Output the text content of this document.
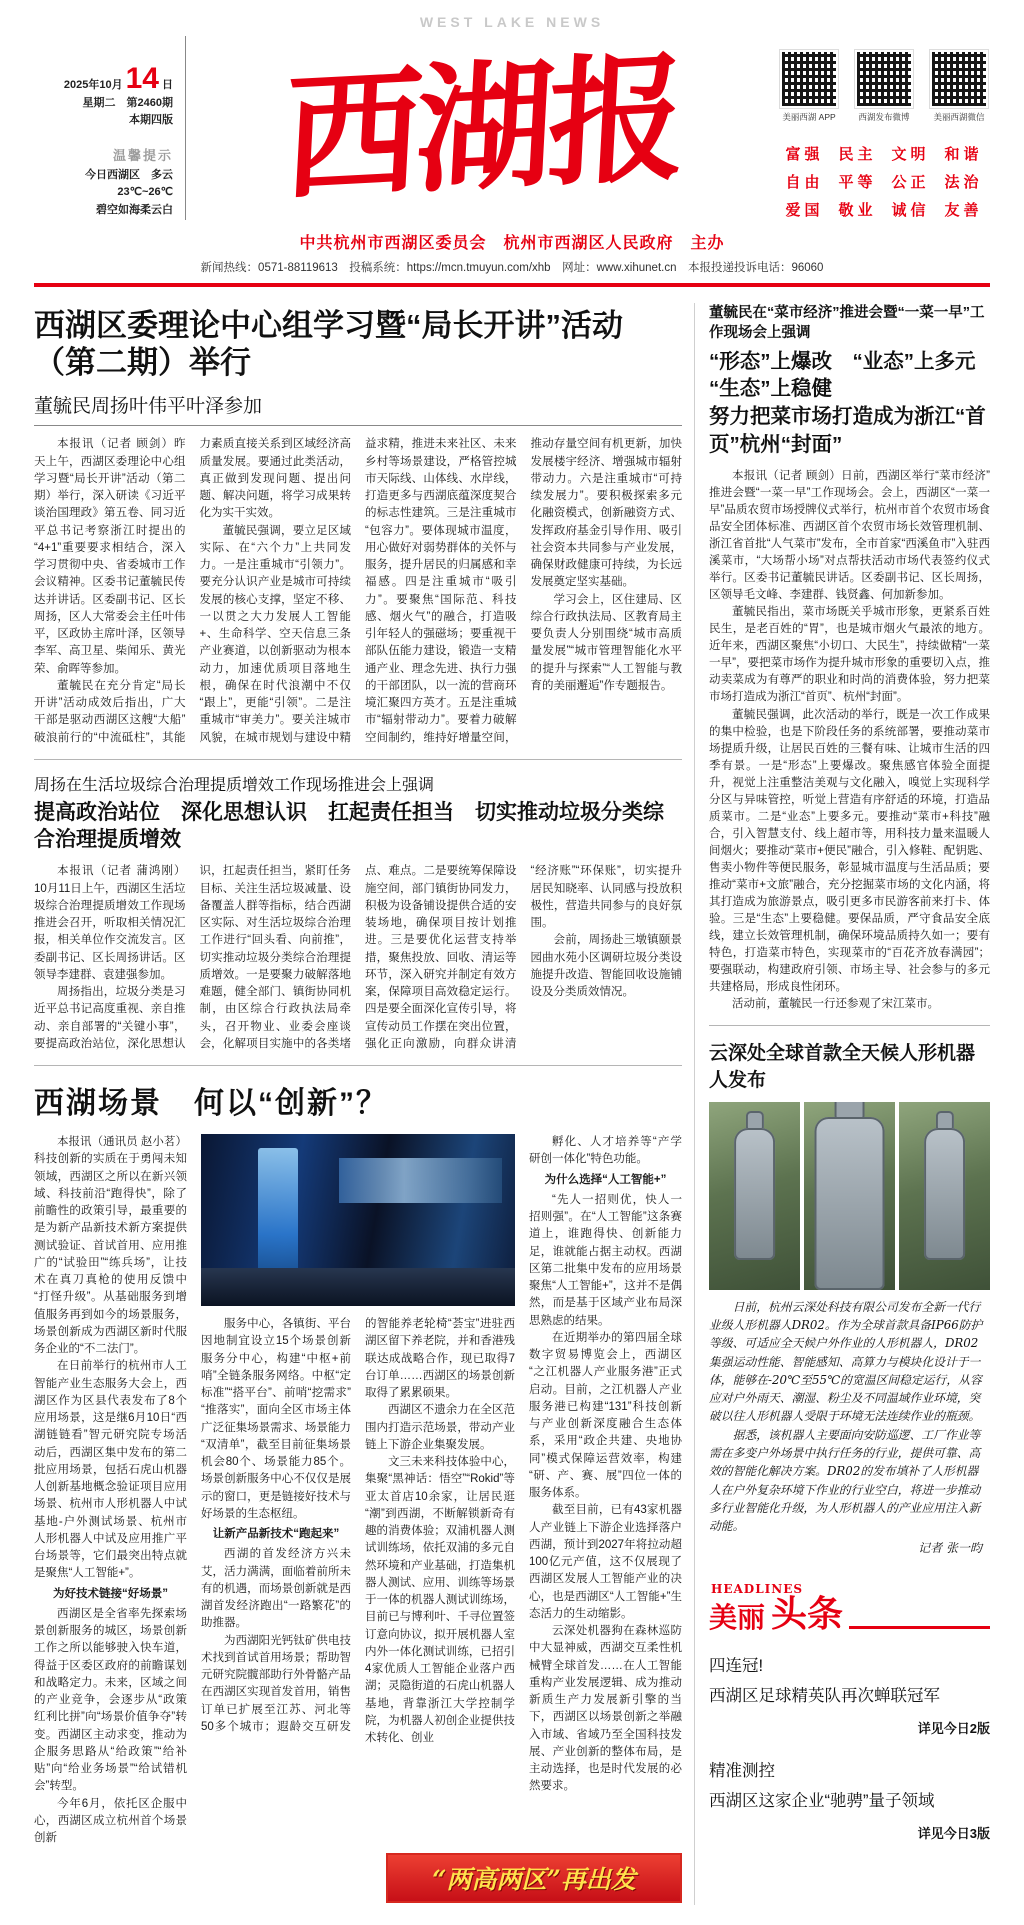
WEST LAKE NEWS
2025年10月 14 日
星期二　第2460期
本期四版
温馨提示
今日西湖区　多云
23℃~26℃
碧空如海柔云白 西湖报	美丽西湖 APP	西湖发布微博	美丽西湖微信
富强 民主 文明 和谐
自由 平等 公正 法治
爱国 敬业 诚信 友善
中共杭州市西湖区委员会　杭州市西湖区人民政府　主办
新闻热线：0571-88119613　投稿系统：https://mcn.tmuyun.com/xhb　网址：www.xihunet.cn　本报投递投诉电话：96060
西湖区委理论中心组学习暨“局长开讲”活动（第二期）举行
董毓民周扬叶伟平叶泽参加

本报讯（记者 顾剑）昨天上午，西湖区委理论中心组学习暨“局长开讲”活动（第二期）举行，深入研读《习近平谈治国理政》第五卷、同习近平总书记考察浙江时提出的“4+1”重要要求相结合，深入学习贯彻中央、省委城市工作会议精神。区委书记董毓民传达并讲话。区委副书记、区长周扬，区人大常委会主任叶伟平，区政协主席叶泽，区领导李军、高卫星、柴闻乐、黄光荣、俞晖等参加。

董毓民在充分肯定“局长开讲”活动成效后指出，广大干部是驱动西湖区这艘“大船”破浪前行的“中流砥柱”，其能力素质直接关系到区域经济高质量发展。要通过此类活动，真正做到发现问题、提出问题、解决问题，将学习成果转化为实干实效。

董毓民强调，要立足区域实际、在“六个力”上共同发力。一是注重城市“引领力”。要充分认识产业是城市可持续发展的核心支撑，坚定不移、一以贯之大力发展人工智能+、生命科学、空天信息三条产业赛道，以创新驱动为根本动力，加速优质项目落地生根，确保在时代浪潮中不仅“跟上”，更能“引领”。二是注重城市“审美力”。要关注城市风貌，在城市规划与建设中精益求精，推进未来社区、未来乡村等场景建设，严格管控城市天际线、山体线、水岸线，打造更多与西湖底蕴深度契合的标志性建筑。三是注重城市“包容力”。要体现城市温度，用心做好对弱势群体的关怀与服务，提升居民的归属感和幸福感。四是注重城市“吸引力”。要聚焦“国际范、科技感、烟火气”的融合，打造吸引年轻人的强磁场；要重视干部队伍能力建设，锻造一支精通产业、理念先进、执行力强的干部团队，以一流的营商环境汇聚四方英才。五是注重城市“辐射带动力”。要着力破解空间制约，维持好增量空间，推动存量空间有机更新，加快发展楼宇经济、增强城市辐射带动力。六是注重城市“可持续发展力”。要积极探索多元化融资模式，创新融资方式、发挥政府基金引导作用、吸引社会资本共同参与产业发展，确保财政健康可持续，为长远发展奠定坚实基础。

学习会上，区住建局、区综合行政执法局、区教育局主要负责人分别围绕“城市高质量发展”“城市管理智能化水平的提升与探索”“人工智能与教育的美丽邂逅”作专题报告。

周扬在生活垃圾综合治理提质增效工作现场推进会上强调
提高政治站位　深化思想认识　扛起责任担当　切实推动垃圾分类综合治理提质增效

本报讯（记者 蒲鸿刚）10月11日上午，西湖区生活垃圾综合治理提质增效工作现场推进会召开，听取相关情况汇报，相关单位作交流发言。区委副书记、区长周扬讲话。区领导李建群、袁建强参加。

周扬指出，垃圾分类是习近平总书记高度重视、亲自推动、亲自部署的“关键小事”，要提高政治站位，深化思想认识，扛起责任担当，紧盯任务目标、关注生活垃圾减量、设备覆盖人群等指标，结合西湖区实际、对生活垃圾综合治理工作进行“回头看、向前推”，切实推动垃圾分类综合治理提质增效。一是要聚力破解落地难题，健全部门、镇街协同机制，由区综合行政执法局牵头，召开物业、业委会座谈会，化解项目实施中的各类堵点、难点。二是要统筹保障设施空间，部门镇街协同发力，积极为设备铺设提供合适的安装场地，确保项目按计划推进。三是要优化运营支持举措，聚焦投放、回收、清运等环节，深入研究并制定有效方案，保障项目高效稳定运行。四是要全面深化宣传引导，将宣传动员工作摆在突出位置，强化正向激励，向群众讲清“经济账”“环保账”，切实提升居民知晓率、认同感与投放积极性，营造共同参与的良好氛围。

会前，周扬赴三墩镇颐景园曲水苑小区调研垃圾分类设施提升改造、智能回收设施铺设及分类质效情况。

西湖场景　何以“创新”？

本报讯（通讯员 赵小茗）科技创新的实质在于勇闯未知领域，西湖区之所以在新兴领域、科技前沿“跑得快”，除了前瞻性的政策引导，最重要的是为新产品新技术新方案提供测试验证、首试首用、应用推广的“试验田”“练兵场”，让技术在真刀真枪的使用反馈中“打怪升级”。从基础服务到增值服务再到如今的场景服务，场景创新成为西湖区新时代服务企业的“不二法门”。

在日前举行的杭州市人工智能产业生态服务大会上，西湖区作为区县代表发布了8个应用场景，这是继6月10日“西湖链链看”智元研究院专场活动后，西湖区集中发布的第二批应用场景，包括石虎山机器人创新基地概念验证项目应用场景、杭州市人形机器人中试基地-户外测试场景、杭州市人形机器人中试及应用推广平台场景等，它们最突出特点就是聚焦“人工智能+”。

为好技术链接“好场景”

西湖区是全省率先探索场景创新服务的城区，场景创新工作之所以能够驶入快车道，得益于区委区政府的前瞻谋划和战略定力。未来，区域之间的产业竞争，会逐步从“政策红利比拼”向“场景价值争夺”转变。西湖区主动求变，推动为企服务思路从“给政策”“给补贴”向“给业务场景”“给试错机会”转型。

今年6月，依托区企服中心，西湖区成立杭州首个场景创新

服务中心，各镇街、平台因地制宜设立15个场景创新服务分中心，构建“中枢+前哨”全链条服务网络。中枢“定标准”“搭平台”、前哨“挖需求”“推落实”，面向全区市场主体广泛征集场景需求、场景能力“双清单”，截至目前征集场景机会80个、场景能力85个。场景创新服务中心不仅仅是展示的窗口，更是链接好技术与好场景的生态枢纽。

让新产品新技术“跑起来”

西湖的首发经济方兴未艾，活力满满，面临着前所未有的机遇，而场景创新就是西湖首发经济跑出“一路繁花”的助推器。

为西湖阳光钙钛矿供电技术找到首试首用场景；帮助智元研究院髋部助行外骨骼产品在西湖区实现首发首用，销售订单已扩展至江苏、河北等50多个城市；遐龄交互研发的智能养老轮椅“荟宝”进驻西湖区留下养老院，并和香港残联达成战略合作，现已取得7台订单……西湖区的场景创新取得了累累硕果。

西湖区不遗余力在全区范围内打造示范场景，带动产业链上下游企业集聚发展。

文三未来科技体验中心，集聚“黑神话：悟空”“Rokid”等亚太首店10余家，让居民逛“潮”到西湖，不断解锁新奇有趣的消费体验；双浦机器人测试训练场，依托双浦的多元自然环境和产业基础，打造集机器人测试、应用、训练等场景于一体的机器人测试训练场，目前已与博利叶、千寻位置签订意向协议，拟开展机器人室内外一体化测试训练，已招引4家优质人工智能企业落户西湖；灵隐街道的石虎山机器人基地，背靠浙江大学控制学院，为机器人初创企业提供技术转化、创业

孵化、人才培养等“产学研创一体化”特色功能。

为什么选择“人工智能+”

“先人一招则优，快人一招则强”。在“人工智能”这条赛道上，谁跑得快、创新能力足，谁就能占据主动权。西湖区第二批集中发布的应用场景聚焦“人工智能+”，这并不是偶然，而是基于区域产业布局深思熟虑的结果。

在近期举办的第四届全球数字贸易博览会上，西湖区“之江机器人产业服务港”正式启动。目前，之江机器人产业服务港已构建“131”科技创新与产业创新深度融合生态体系，采用“政企共建、央地协同”模式保障运营效率，构建“研、产、赛、展”四位一体的服务体系。

截至目前，已有43家机器人产业链上下游企业选择落户西湖，预计到2027年将拉动超100亿元产值，这不仅展现了西湖区发展人工智能产业的决心，也是西湖区“人工智能+”生态活力的生动缩影。

云深处机器狗在森林巡防中大显神威，西湖交互柔性机械臂全球首发……在人工智能重构产业发展逻辑、成为推动新质生产力发展新引擎的当下，西湖区以场景创新之举融入市域、省域乃至全国科技发展、产业创新的整体布局，是主动选择，也是时代发展的必然要求。

“两高两区”再出发
董毓民在“菜市经济”推进会暨“一菜一早”工作现场会上强调
“形态”上爆改　“业态”上多元　“生态”上稳健
努力把菜市场打造成为浙江“首页”杭州“封面”

本报讯（记者 顾剑）日前，西湖区举行“菜市经济”推进会暨“一菜一早”工作现场会。会上，西湖区“一菜一早”品质农贸市场授牌仪式举行，杭州市首个农贸市场食品安全团体标准、西湖区首个农贸市场长效管理机制、浙江省首批“人气菜市”发布，全市首家“西溪鱼市”入驻西溪菜市，“大场帮小场”对点帮扶活动市场代表签约仪式举行。区委书记董毓民讲话。区委副书记、区长周扬，区领导毛文峰、李建群、钱贤鑫、何加新参加。

董毓民指出，菜市场既关乎城市形象，更紧系百姓民生，是老百姓的“胃”，也是城市烟火气最浓的地方。近年来，西湖区聚焦“小切口、大民生”，持续做精“一菜一早”，要把菜市场作为提升城市形象的重要切入点，推动卖菜成为有尊严的职业和时尚的消费体验，努力把菜市场打造成为浙江“首页”、杭州“封面”。

董毓民强调，此次活动的举行，既是一次工作成果的集中检验，也是下阶段任务的系统部署，要推动菜市场提质升级，让居民百姓的三餐有味、让城市生活的四季有景。一是“形态”上要爆改。聚焦感官体验全面提升，视觉上注重整洁美观与文化融入，嗅觉上实现科学分区与异味管控，听觉上营造有序舒适的环境，打造品质菜市。二是“业态”上要多元。要推动“菜市+科技”融合，引入智慧支付、线上超市等，用科技力量来温暖人间烟火；要推动“菜市+便民”融合，引入修鞋、配钥匙、售卖小物件等便民服务，彰显城市温度与生活品质；要推动“菜市+文旅”融合，充分挖掘菜市场的文化内涵，将其打造成为旅游景点，吸引更多市民游客前来打卡、体验。三是“生态”上要稳健。要保品质，严守食品安全底线，建立长效管理机制，确保环境品质持久如一；要有特色，打造菜市特色，实现菜市的“百花齐放春满园”；要强联动，构建政府引领、市场主导、社会参与的多元共建格局，形成良性闭环。

活动前，董毓民一行还参观了宋江菜市。

云深处全球首款全天候人形机器人发布

日前，杭州云深处科技有限公司发布全新一代行业级人形机器人DR02。作为全球首款具备IP66防护等级、可适应全天候户外作业的人形机器人，DR02集强运动性能、智能感知、高算力与模块化设计于一体，能够在-20℃至55℃的宽温区间稳定运行，从容应对户外雨天、潮湿、粉尘及不同温域作业环境，突破以往人形机器人受限于环境无法连续作业的瓶颈。

据悉，该机器人主要面向安防巡逻、工厂作业等需在多变户外场景中执行任务的行业，提供可靠、高效的智能化解决方案。DR02的发布填补了人形机器人在户外复杂环境下作业的行业空白，将进一步推动多行业智能化升级，为人形机器人的产业应用注入新动能。

记者 张一昀
HEADLINES
美丽 头条

四连冠!

西湖区足球精英队再次蝉联冠军

详见今日2版

精准测控

西湖区这家企业“驰骋”量子领域

详见今日3版
